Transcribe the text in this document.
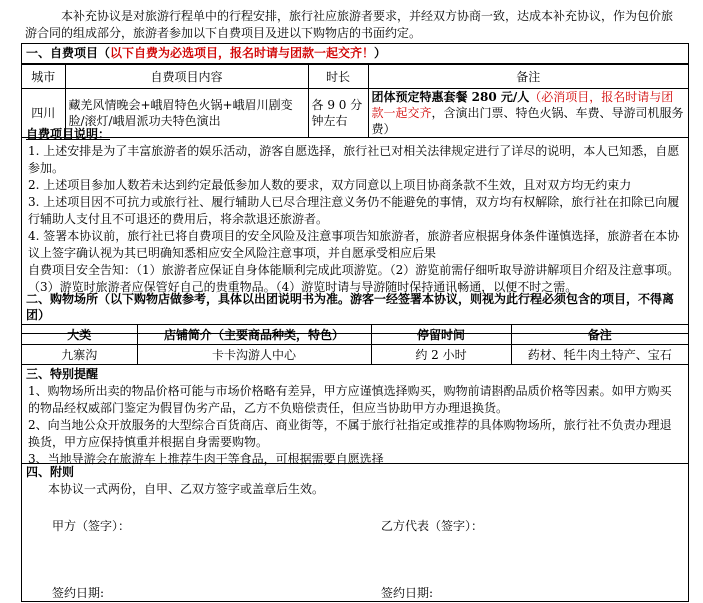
本补充协议是对旅游行程单中的行程安排，旅行社应旅游者要求，并经双方协商一致，达成本补充协议，作为包价旅游合同的组成部分，旅游者参加以下自费项目及进以下购物店的书面约定。
一、自费项目（以下自费为必选项目，报名时请与团款一起交齐！）
城市	自费项目内容	时长	备注
四川	藏羌风情晚会+峨眉特色火锅+峨眉川剧变脸/滚灯/峨眉派功夫特色演出	各 9 0 分钟左右	团体预定特惠套餐 280 元/人（必消项目，报名时请与团款一起交齐，含演出门票、特色火锅、车费、导游司机服务费）

自费项目说明：

1. 上述安排是为了丰富旅游者的娱乐活动，游客自愿选择，旅行社已对相关法律规定进行了详尽的说明，本人已知悉，自愿参加。

2. 上述项目参加人数若未达到约定最低参加人数的要求，双方同意以上项目协商条款不生效，且对双方均无约束力

3. 上述项目因不可抗力或旅行社、履行辅助人已尽合理注意义务仍不能避免的事情，双方均有权解除，旅行社在扣除已向履行辅助人支付且不可退还的费用后，将余款退还旅游者。

4. 签署本协议前，旅行社已将自费项目的安全风险及注意事项告知旅游者，旅游者应根据身体条件谨慎选择，旅游者在本协议上签字确认视为其已明确知悉相应安全风险注意事项，并自愿承受相应后果

自费项目安全告知：（1）旅游者应保证自身体能顺利完成此项游览。（2）游览前需仔细听取导游讲解项目介绍及注意事项。（3）游览时旅游者应保管好自己的贵重物品。（4）游览时请与导游随时保持通讯畅通，以便不时之需。

二、购物场所（以下购物店做参考，具体以出团说明书为准。游客一经签署本协议，则视为此行程必须包含的项目，不得离团）
大类	店铺简介（主要商品种类，特色）	停留时间	备注
九寨沟	卡卡沟游人中心	约 2 小时	药材、牦牛肉土特产、宝石

三、特别提醒

1、购物场所出卖的物品价格可能与市场价格略有差异，甲方应谨慎选择购买，购物前请斟酌品质价格等因素。如甲方购买的物品经权威部门鉴定为假冒伪劣产品，乙方不负赔偿责任，但应当协助甲方办理退换货。

2、向当地公众开放服务的大型综合百货商店、商业街等，不属于旅行社指定或推荐的具体购物场所，旅行社不负责办理退换货，甲方应保持慎重并根据自身需要购物。

3、当地导游会在旅游车上推荐牛肉干等食品，可根据需要自愿选择

四、附则
本协议一式两份，自甲、乙双方签字或盖章后生效。
甲方（签字）：	乙方代表（签字）：
签约日期:	签约日期:
